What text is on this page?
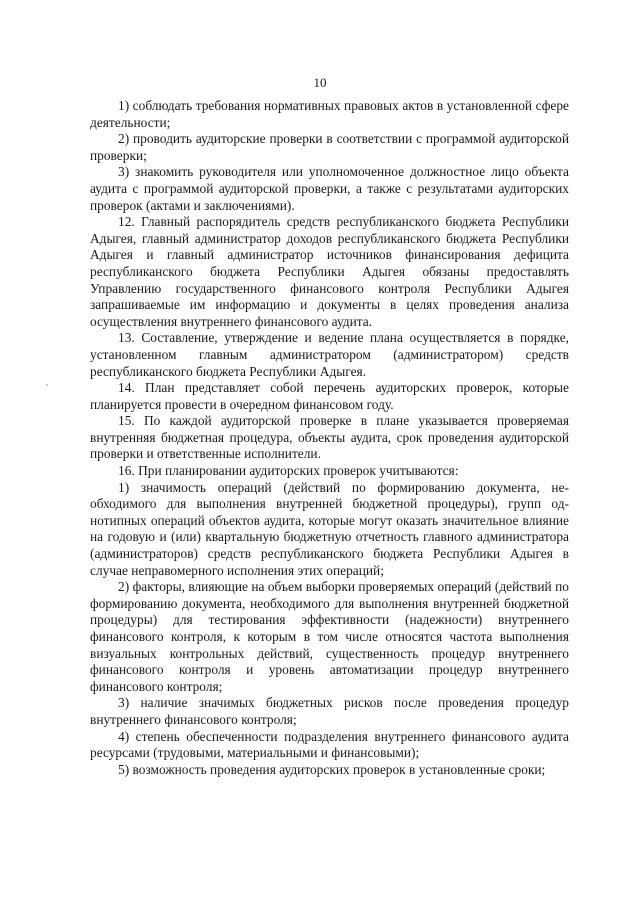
10

1) соблюдать требования нормативных правовых актов в установленной сфере деятельности;

2) проводить аудиторские проверки в соответствии с программой аудиторской проверки;

3) знакомить руководителя или уполномоченное должностное лицо объекта аудита с программой аудиторской проверки, а также с результатами аудиторских проверок (актами и заключениями).

12. Главный распорядитель средств республиканского бюджета Республики Адыгея, главный администратор доходов республиканского бюджета Республики Адыгея и главный администратор источников финансирования дефицита республиканского бюджета Республики Адыгея обязаны предоставлять Управлению государственного финансового контроля Республики Адыгея запрашиваемые им информацию и документы в целях проведения анализа осуществления внутреннего финансового аудита.

13. Составление, утверждение и ведение плана осуществляется в порядке, установленном главным администратором (администратором) средств республиканского бюджета Республики Адыгея.

14. План представляет собой перечень аудиторских проверок, которые планируется провести в очередном финансовом году.

15. По каждой аудиторской проверке в плане указывается проверяемая внутренняя бюджетная процедура, объекты аудита, срок проведения аудиторской проверки и ответственные исполнители.

16. При планировании аудиторских проверок учитываются:

1) значимость операций (действий по формированию документа, необходимого для выполнения внутренней бюджетной процедуры), групп однотипных операций объектов аудита, которые могут оказать значительное влияние на годовую и (или) квартальную бюджетную отчетность главного администратора (администраторов) средств республиканского бюджета Республики Адыгея в случае неправомерного исполнения этих операций;

2) факторы, влияющие на объем выборки проверяемых операций (действий по формированию документа, необходимого для выполнения внутренней бюджетной процедуры) для тестирования эффективности (надежности) внутреннего финансового контроля, к которым в том числе относятся частота выполнения визуальных контрольных действий, существенность процедур внутреннего финансового контроля и уровень автоматизации процедур внутреннего финансового контроля;

3) наличие значимых бюджетных рисков после проведения процедур внутреннего финансового контроля;

4) степень обеспеченности подразделения внутреннего финансового аудита ресурсами (трудовыми, материальными и финансовыми);

5) возможность проведения аудиторских проверок в установленные сроки;
